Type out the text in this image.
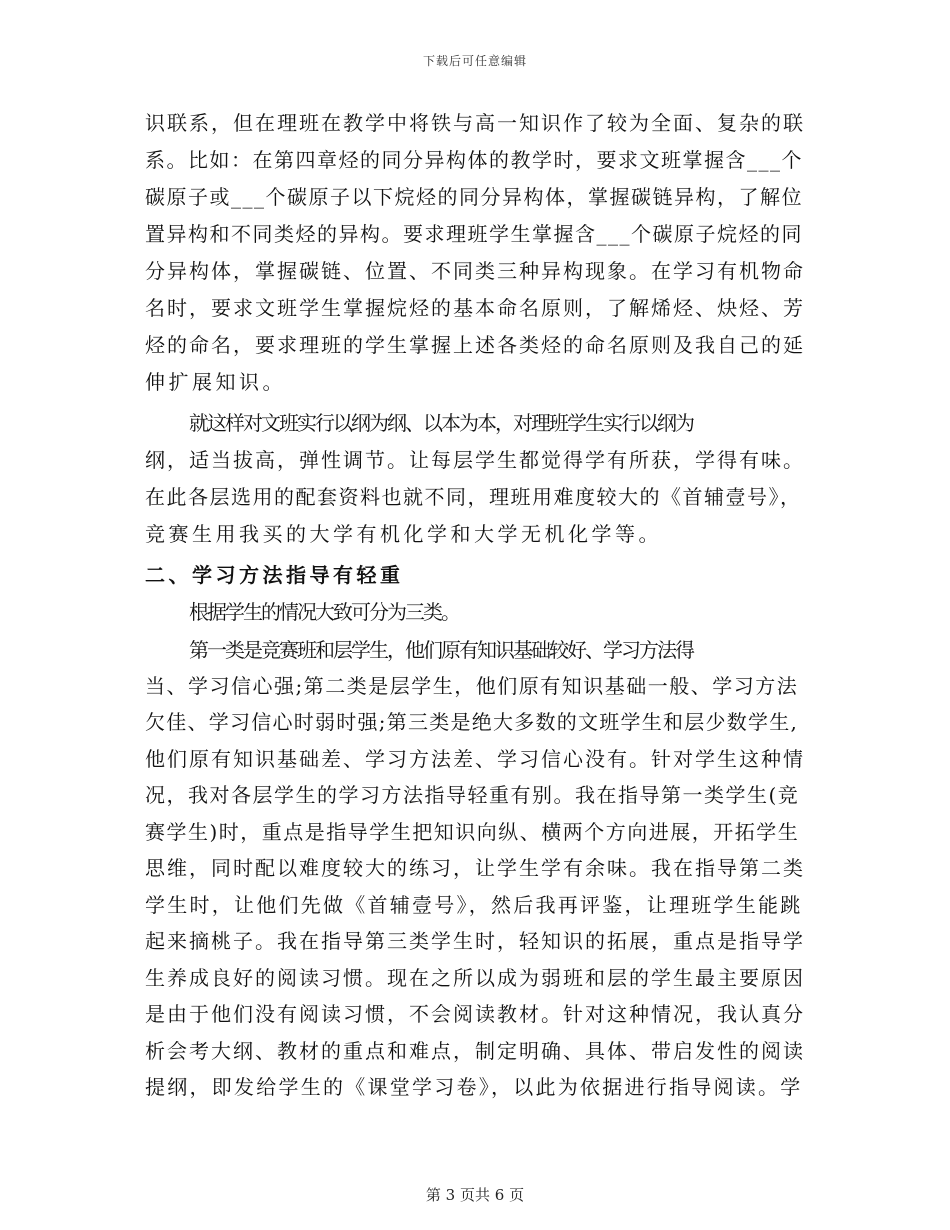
下载后可任意编辑
识联系，但在理班在教学中将铁与高一知识作了较为全面、复杂的联
系。比如：在第四章烃的同分异构体的教学时，要求文班掌握含___个
碳原子或___个碳原子以下烷烃的同分异构体，掌握碳链异构，了解位
置异构和不同类烃的异构。要求理班学生掌握含___个碳原子烷烃的同
分异构体，掌握碳链、位置、不同类三种异构现象。在学习有机物命
名时，要求文班学生掌握烷烃的基本命名原则，了解烯烃、炔烃、芳
烃的命名，要求理班的学生掌握上述各类烃的命名原则及我自己的延
伸扩展知识。
就这样对文班实行以纲为纲、以本为本，对理班学生实行以纲为
纲，适当拔高，弹性调节。让每层学生都觉得学有所获，学得有味。
在此各层选用的配套资料也就不同，理班用难度较大的《首辅壹号》，
竞赛生用我买的大学有机化学和大学无机化学等。
二、学习方法指导有轻重
根据学生的情况大致可分为三类。
第一类是竞赛班和层学生，他们原有知识基础较好、学习方法得
当、学习信心强;第二类是层学生，他们原有知识基础一般、学习方法
欠佳、学习信心时弱时强;第三类是绝大多数的文班学生和层少数学生,
他们原有知识基础差、学习方法差、学习信心没有。针对学生这种情
况，我对各层学生的学习方法指导轻重有别。我在指导第一类学生(竞
赛学生)时，重点是指导学生把知识向纵、横两个方向进展，开拓学生
思维，同时配以难度较大的练习，让学生学有余味。我在指导第二类
学生时，让他们先做《首辅壹号》，然后我再评鉴，让理班学生能跳
起来摘桃子。我在指导第三类学生时，轻知识的拓展，重点是指导学
生养成良好的阅读习惯。现在之所以成为弱班和层的学生最主要原因
是由于他们没有阅读习惯，不会阅读教材。针对这种情况，我认真分
析会考大纲、教材的重点和难点，制定明确、具体、带启发性的阅读
提纲，即发给学生的《课堂学习卷》，以此为依据进行指导阅读。学
第 3 页共 6 页
